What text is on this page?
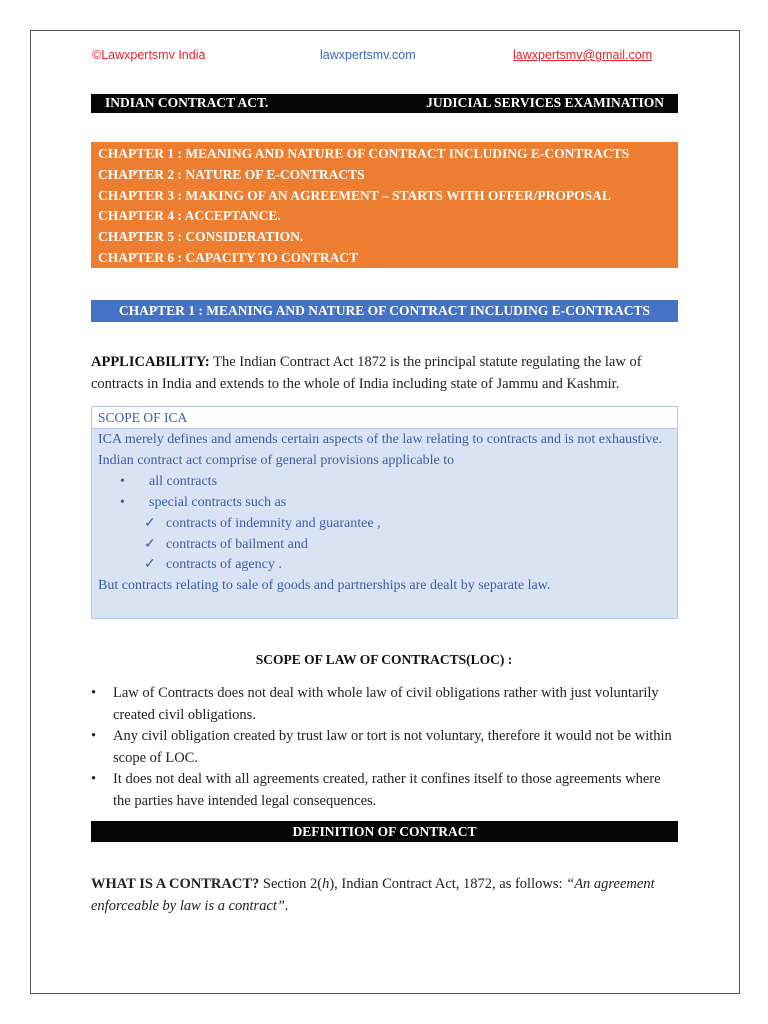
©Lawxpertsmv India	lawxpertsmv.com	lawxpertsmv@gmail.com
INDIAN CONTRACT ACT.	JUDICIAL SERVICES EXAMINATION
CHAPTER 1 : MEANING AND NATURE OF CONTRACT INCLUDING E-CONTRACTS
CHAPTER 2 : NATURE OF E-CONTRACTS
CHAPTER 3 : MAKING OF AN AGREEMENT – STARTS WITH OFFER/PROPOSAL
CHAPTER 4 : ACCEPTANCE.
CHAPTER 5 : CONSIDERATION.
CHAPTER 6 : CAPACITY TO CONTRACT
CHAPTER 1 : MEANING AND NATURE OF CONTRACT INCLUDING E-CONTRACTS

APPLICABILITY: The Indian Contract Act 1872 is the principal statute regulating the law of contracts in India and extends to the whole of India including state of Jammu and Kashmir.

SCOPE OF ICA
ICA merely defines and amends certain aspects of the law relating to contracts and is not exhaustive.
Indian contract act comprise of general provisions applicable to
• all contracts
• special contracts such as
✓ contracts of indemnity and guarantee ,
✓ contracts of bailment and
✓ contracts of agency .
But contracts relating to sale of goods and partnerships are dealt by separate law.
SCOPE OF LAW OF CONTRACTS(LOC) :
• Law of Contracts does not deal with whole law of civil obligations rather with just voluntarily created civil obligations.
• Any civil obligation created by trust law or tort is not voluntary, therefore it would not be within scope of LOC.
• It does not deal with all agreements created, rather it confines itself to those agreements where the parties have intended legal consequences.
DEFINITION OF CONTRACT

WHAT IS A CONTRACT? Section 2(h), Indian Contract Act, 1872, as follows: “An agreement enforceable by law is a contract”.
